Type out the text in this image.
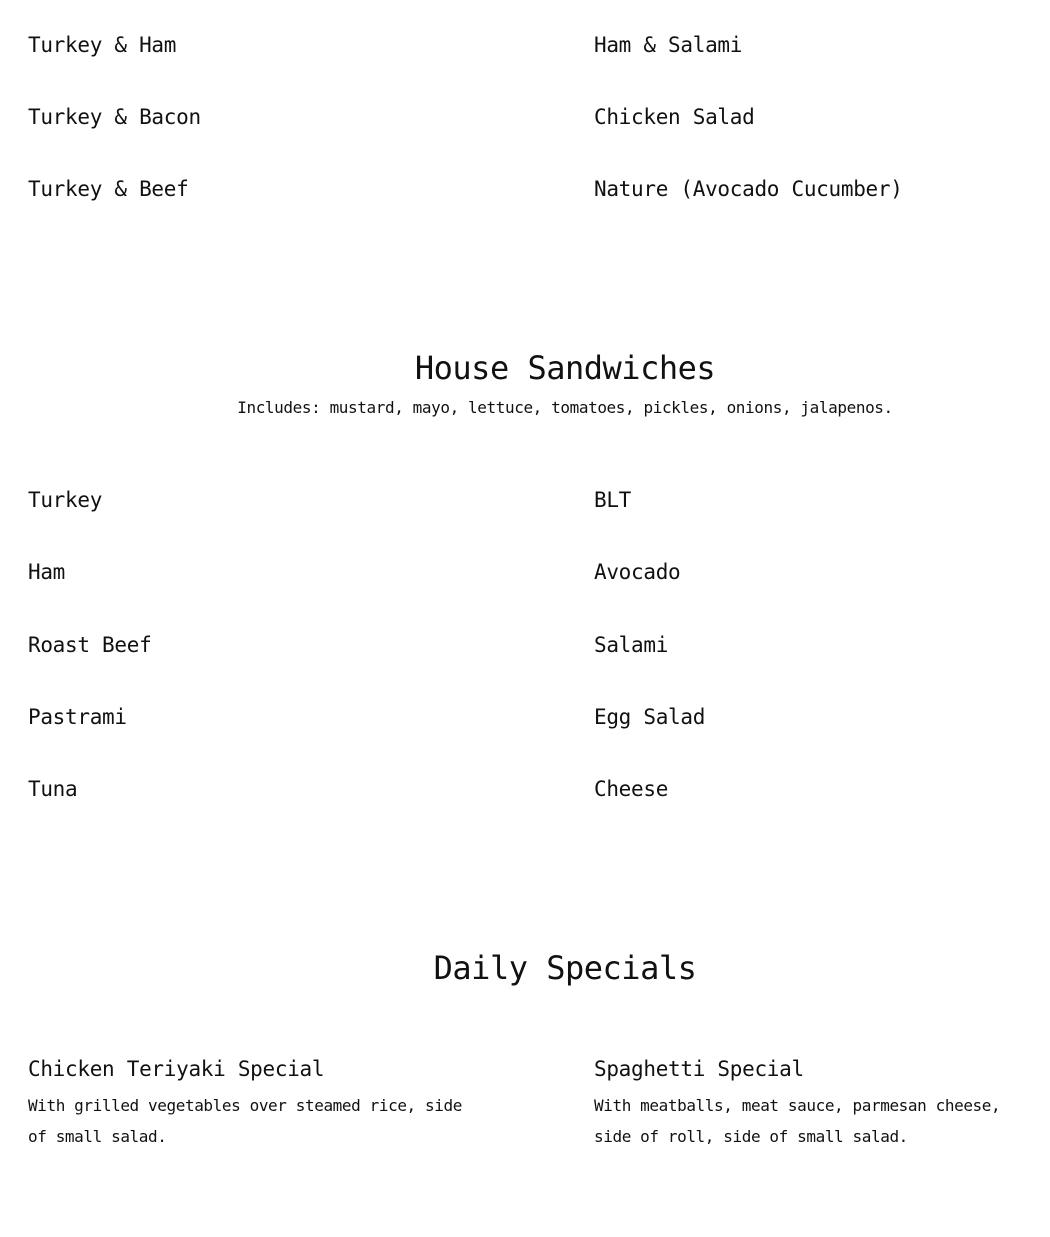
Turkey & Ham
Turkey & Bacon
Turkey & Beef
Ham & Salami
Chicken Salad
Nature (Avocado Cucumber)
House Sandwiches
Includes: mustard, mayo, lettuce, tomatoes, pickles, onions, jalapenos.
Turkey
Ham
Roast Beef
Pastrami
Tuna
BLT
Avocado
Salami
Egg Salad
Cheese
Daily Specials
Chicken Teriyaki Special
With grilled vegetables over steamed rice, side of small salad.
Spaghetti Special
With meatballs, meat sauce, parmesan cheese, side of roll, side of small salad.
